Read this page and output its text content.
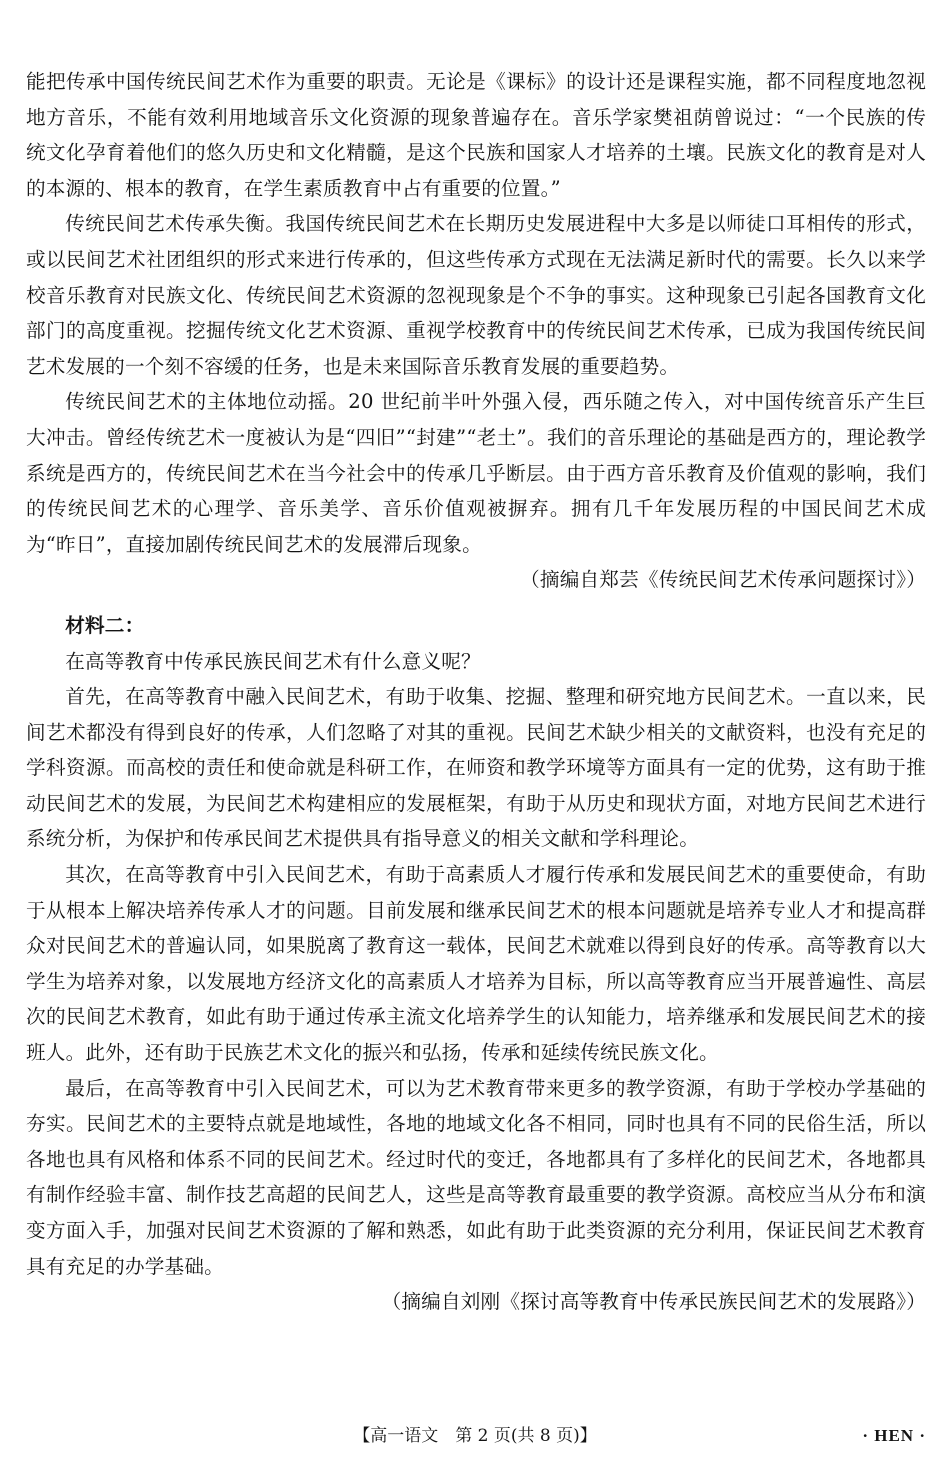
能把传承中国传统民间艺术作为重要的职责。无论是《课标》的设计还是课程实施，都不同程度地忽视地方音乐，不能有效利用地域音乐文化资源的现象普遍存在。音乐学家樊祖荫曾说过：“一个民族的传统文化孕育着他们的悠久历史和文化精髓，是这个民族和国家人才培养的土壤。民族文化的教育是对人的本源的、根本的教育，在学生素质教育中占有重要的位置。”

传统民间艺术传承失衡。我国传统民间艺术在长期历史发展进程中大多是以师徒口耳相传的形式，或以民间艺术社团组织的形式来进行传承的，但这些传承方式现在无法满足新时代的需要。长久以来学校音乐教育对民族文化、传统民间艺术资源的忽视现象是个不争的事实。这种现象已引起各国教育文化部门的高度重视。挖掘传统文化艺术资源、重视学校教育中的传统民间艺术传承，已成为我国传统民间艺术发展的一个刻不容缓的任务，也是未来国际音乐教育发展的重要趋势。

传统民间艺术的主体地位动摇。20 世纪前半叶外强入侵，西乐随之传入，对中国传统音乐产生巨大冲击。曾经传统艺术一度被认为是“四旧”“封建”“老土”。我们的音乐理论的基础是西方的，理论教学系统是西方的，传统民间艺术在当今社会中的传承几乎断层。由于西方音乐教育及价值观的影响，我们的传统民间艺术的心理学、音乐美学、音乐价值观被摒弃。拥有几千年发展历程的中国民间艺术成为“昨日”，直接加剧传统民间艺术的发展滞后现象。

（摘编自郑芸《传统民间艺术传承问题探讨》）

材料二：

在高等教育中传承民族民间艺术有什么意义呢？

首先，在高等教育中融入民间艺术，有助于收集、挖掘、整理和研究地方民间艺术。一直以来，民间艺术都没有得到良好的传承，人们忽略了对其的重视。民间艺术缺少相关的文献资料，也没有充足的学科资源。而高校的责任和使命就是科研工作，在师资和教学环境等方面具有一定的优势，这有助于推动民间艺术的发展，为民间艺术构建相应的发展框架，有助于从历史和现状方面，对地方民间艺术进行系统分析，为保护和传承民间艺术提供具有指导意义的相关文献和学科理论。

其次，在高等教育中引入民间艺术，有助于高素质人才履行传承和发展民间艺术的重要使命，有助于从根本上解决培养传承人才的问题。目前发展和继承民间艺术的根本问题就是培养专业人才和提高群众对民间艺术的普遍认同，如果脱离了教育这一载体，民间艺术就难以得到良好的传承。高等教育以大学生为培养对象，以发展地方经济文化的高素质人才培养为目标，所以高等教育应当开展普遍性、高层次的民间艺术教育，如此有助于通过传承主流文化培养学生的认知能力，培养继承和发展民间艺术的接班人。此外，还有助于民族艺术文化的振兴和弘扬，传承和延续传统民族文化。

最后，在高等教育中引入民间艺术，可以为艺术教育带来更多的教学资源，有助于学校办学基础的夯实。民间艺术的主要特点就是地域性，各地的地域文化各不相同，同时也具有不同的民俗生活，所以各地也具有风格和体系不同的民间艺术。经过时代的变迁，各地都具有了多样化的民间艺术，各地都具有制作经验丰富、制作技艺高超的民间艺人，这些是高等教育最重要的教学资源。高校应当从分布和演变方面入手，加强对民间艺术资源的了解和熟悉，如此有助于此类资源的充分利用，保证民间艺术教育具有充足的办学基础。

（摘编自刘刚《探讨高等教育中传承民族民间艺术的发展路》）

【高一语文　第 2 页(共 8 页)】	· HEN ·
